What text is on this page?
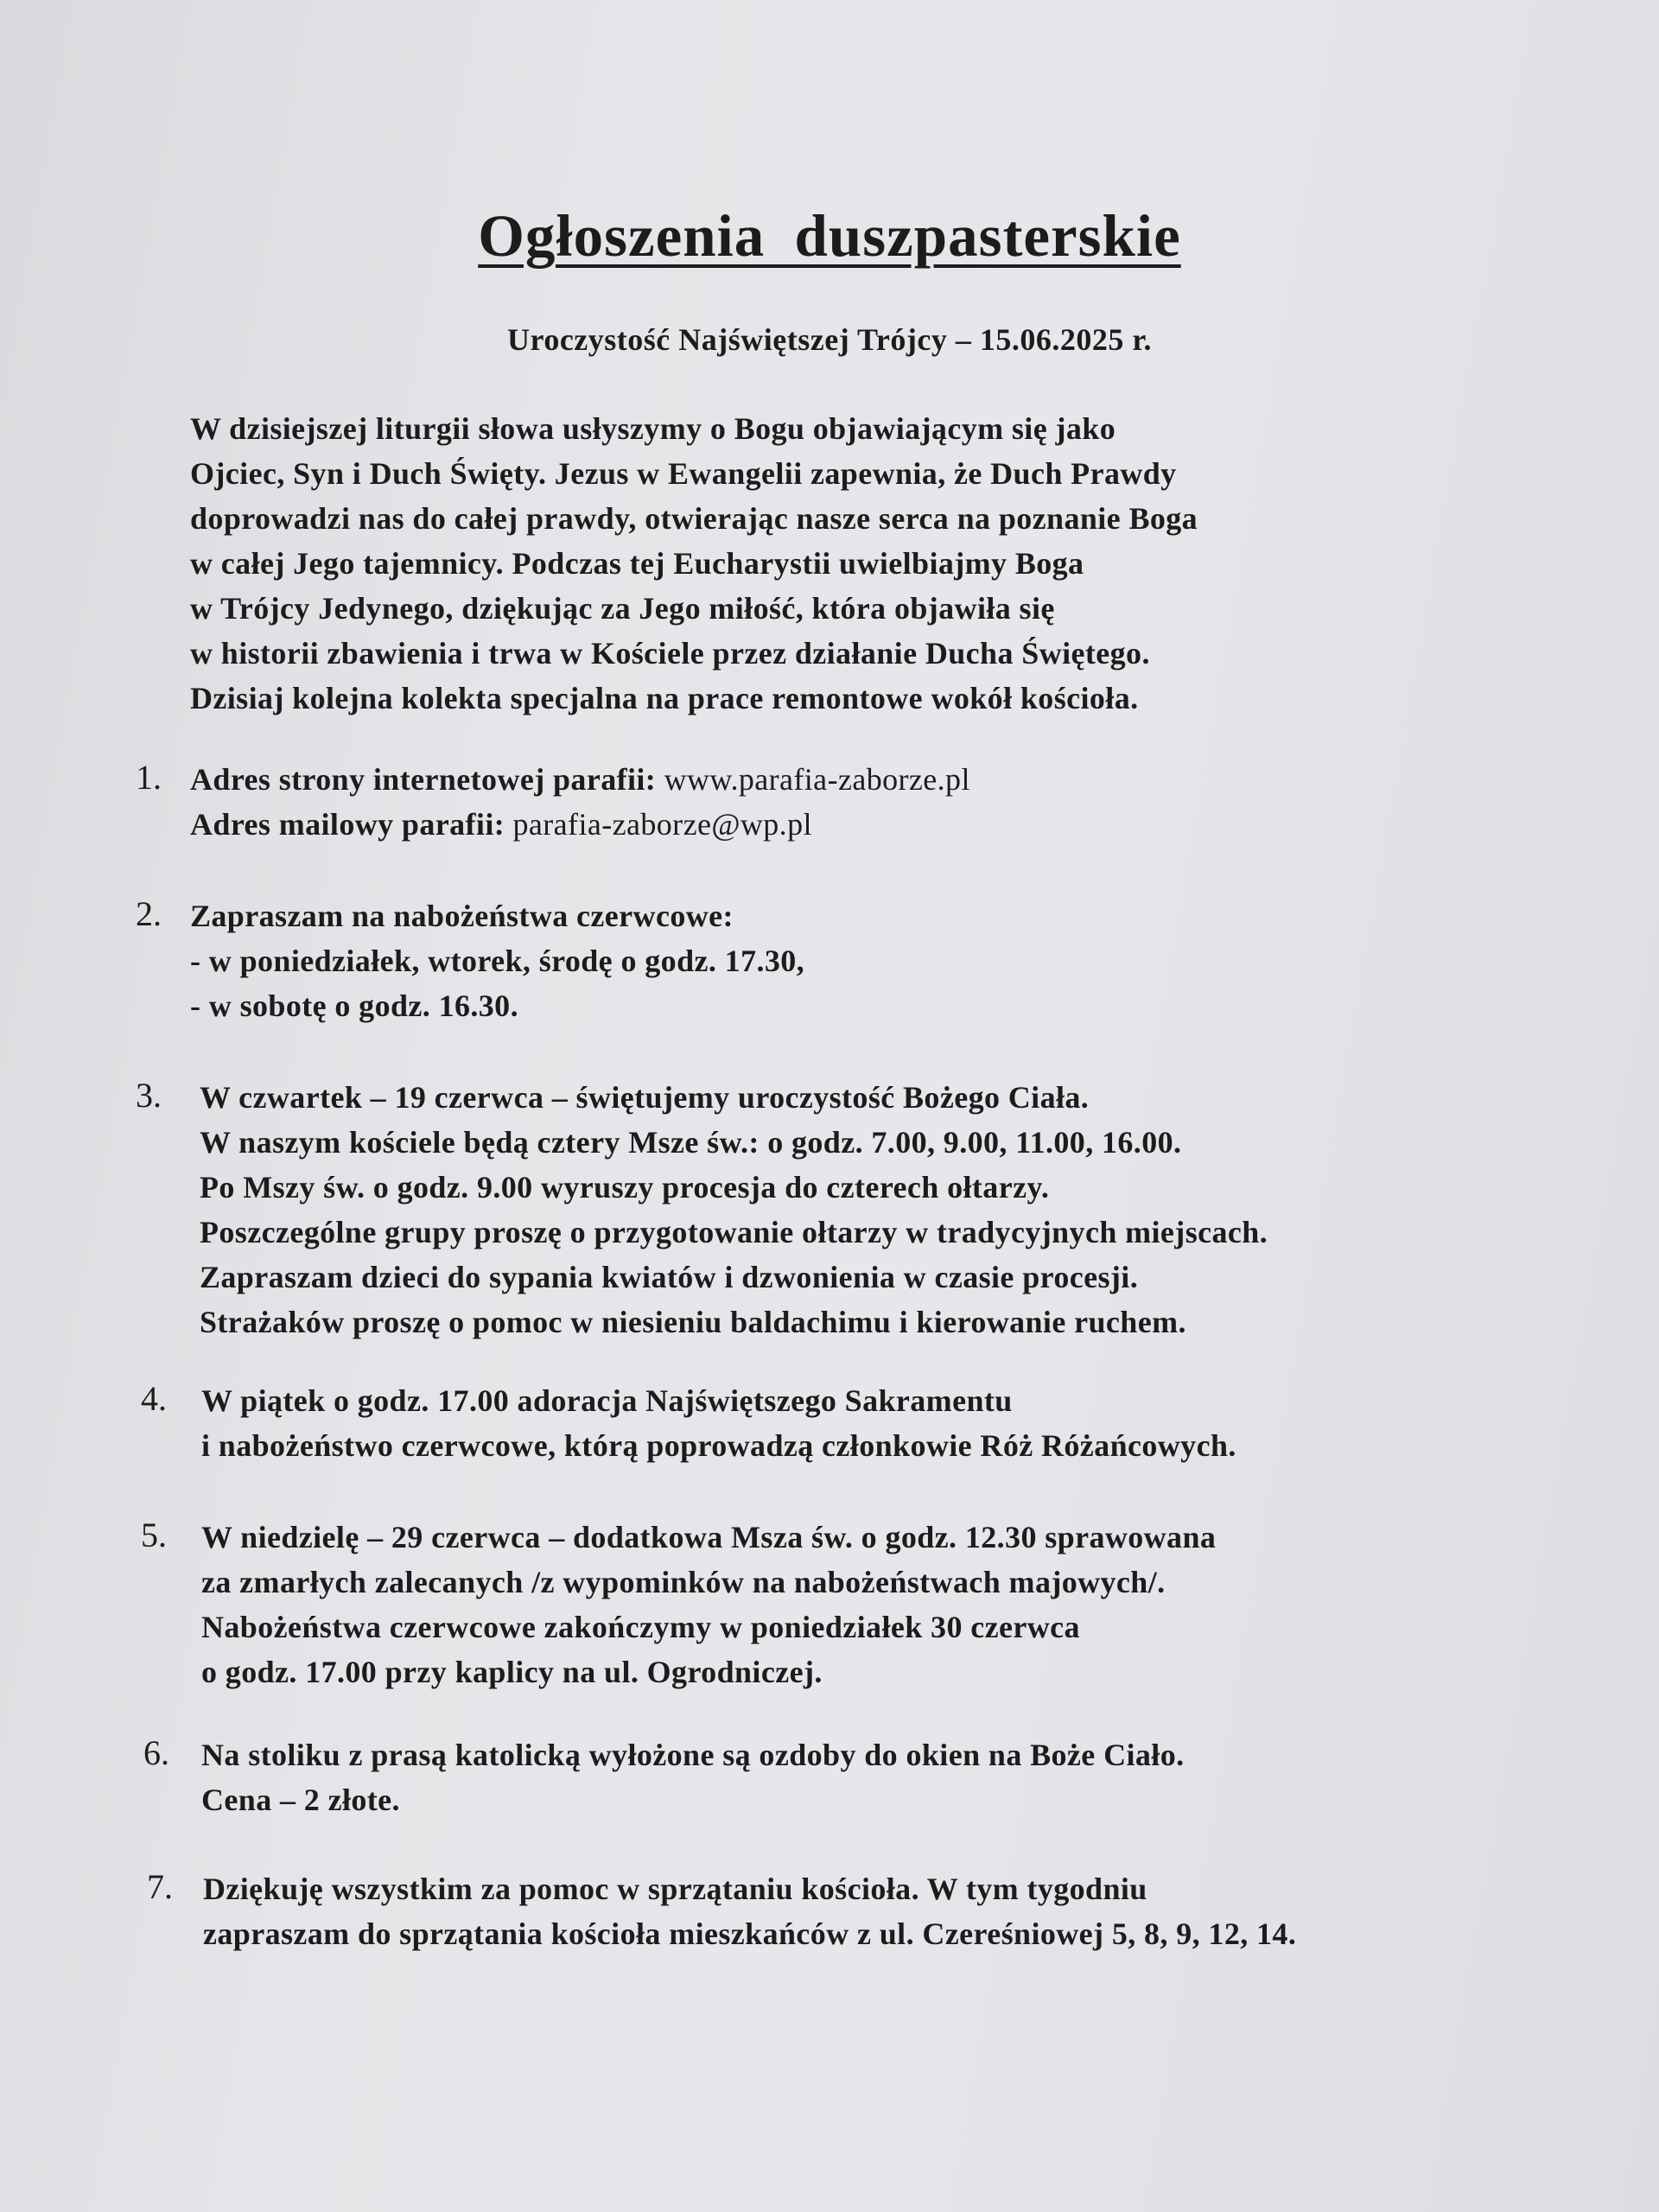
Ogłoszenia duszpasterskie
Uroczystość Najświętszej Trójcy – 15.06.2025 r.
W dzisiejszej liturgii słowa usłyszymy o Bogu objawiającym się jako
Ojciec, Syn i Duch Święty. Jezus w Ewangelii zapewnia, że Duch Prawdy
doprowadzi nas do całej prawdy, otwierając nasze serca na poznanie Boga
w całej Jego tajemnicy. Podczas tej Eucharystii uwielbiajmy Boga
w Trójcy Jedynego, dziękując za Jego miłość, która objawiła się
w historii zbawienia i trwa w Kościele przez działanie Ducha Świętego.
Dzisiaj kolejna kolekta specjalna na prace remontowe wokół kościoła.
1. Adres strony internetowej parafii: www.parafia-zaborze.pl
Adres mailowy parafii: parafia-zaborze@wp.pl
2. Zapraszam na nabożeństwa czerwcowe:
- w poniedziałek, wtorek, środę o godz. 17.30,
- w sobotę o godz. 16.30.
3.	W czwartek – 19 czerwca – świętujemy uroczystość Bożego Ciała.
W naszym kościele będą cztery Msze św.: o godz. 7.00, 9.00, 11.00, 16.00.
Po Mszy św. o godz. 9.00 wyruszy procesja do czterech ołtarzy.
Poszczególne grupy proszę o przygotowanie ołtarzy w tradycyjnych miejscach.
Zapraszam dzieci do sypania kwiatów i dzwonienia w czasie procesji.
Strażaków proszę o pomoc w niesieniu baldachimu i kierowanie ruchem.
4.	W piątek o godz. 17.00 adoracja Najświętszego Sakramentu
i nabożeństwo czerwcowe, którą poprowadzą członkowie Róż Różańcowych.
5.	W niedzielę – 29 czerwca – dodatkowa Msza św. o godz. 12.30 sprawowana
za zmarłych zalecanych /z wypominków na nabożeństwach majowych/.
Nabożeństwa czerwcowe zakończymy w poniedziałek 30 czerwca
o godz. 17.00 przy kaplicy na ul. Ogrodniczej.
6.	Na stoliku z prasą katolicką wyłożone są ozdoby do okien na Boże Ciało.
Cena – 2 złote.
7. Dziękuję wszystkim za pomoc w sprzątaniu kościoła. W tym tygodniu
zapraszam do sprzątania kościoła mieszkańców z ul. Czereśniowej 5, 8, 9, 12, 14.
